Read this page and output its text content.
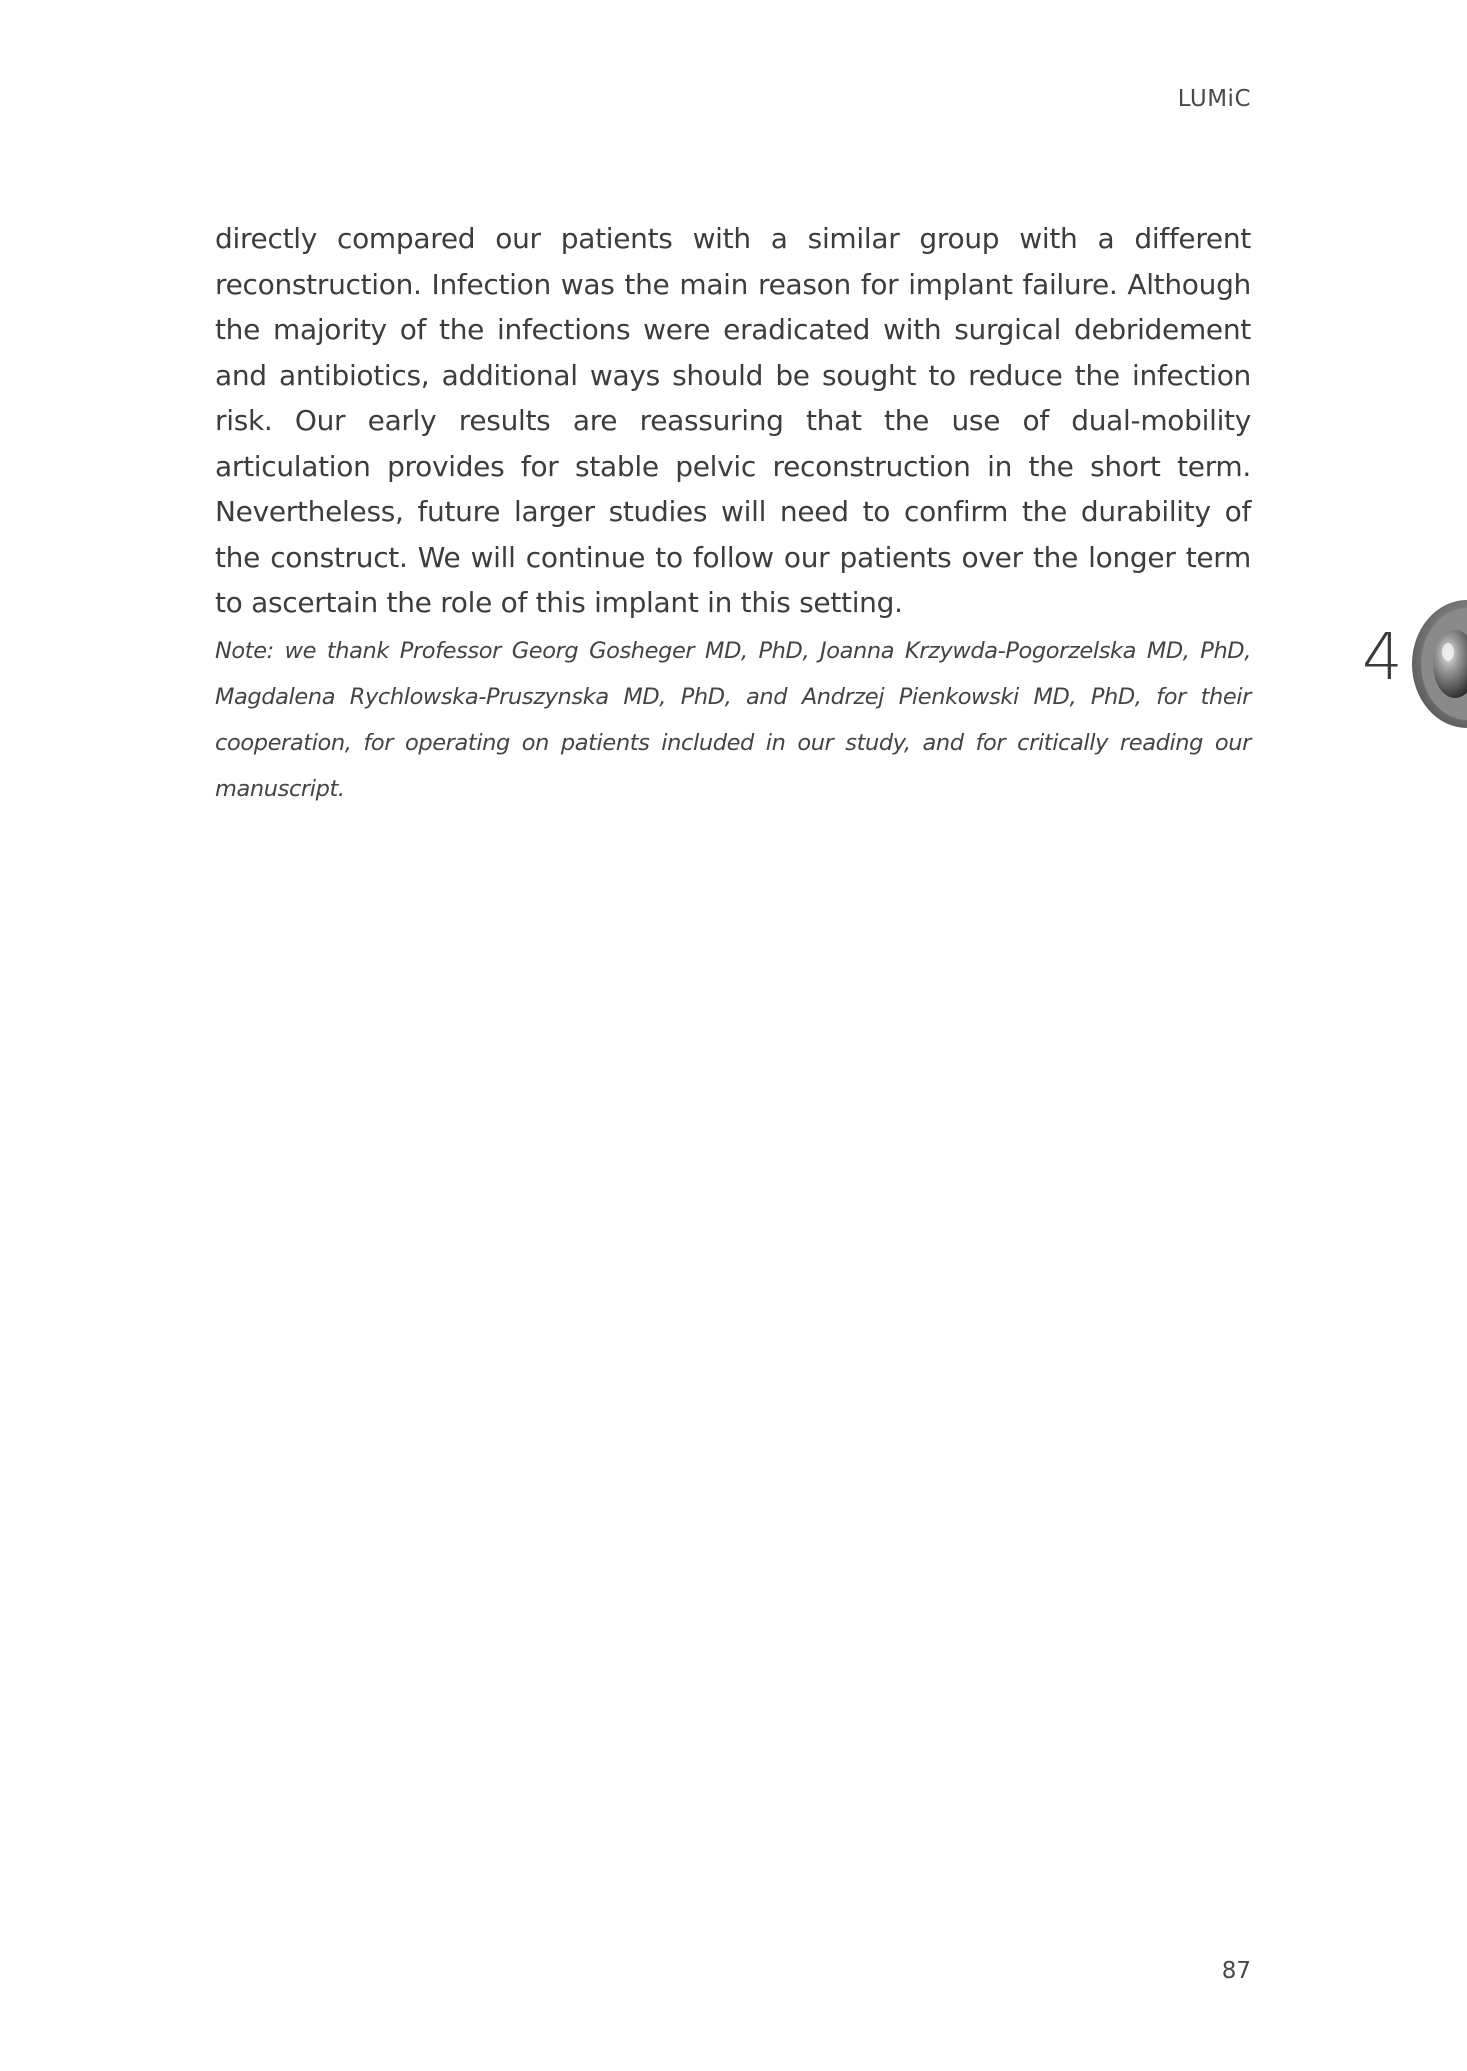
LUMiC

directly compared our patients with a similar group with a different reconstruction. Infection was the main reason for implant failure. Although the majority of the infections were eradicated with surgical debridement and antibiotics, additional ways should be sought to reduce the infection risk. Our early results are reassuring that the use of dual-mobility articulation provides for stable pelvic reconstruction in the short term. Nevertheless, future larger studies will need to confirm the durability of the construct. We will continue to follow our patients over the longer term to ascertain the role of this implant in this setting.

Note: we thank Professor Georg Gosheger MD, PhD, Joanna Krzywda-Pogorzelska MD, PhD, Magdalena Rychlowska-Pruszynska MD, PhD, and Andrzej Pienkowski MD, PhD, for their cooperation, for operating on patients included in our study, and for critically reading our manuscript.

4
87
